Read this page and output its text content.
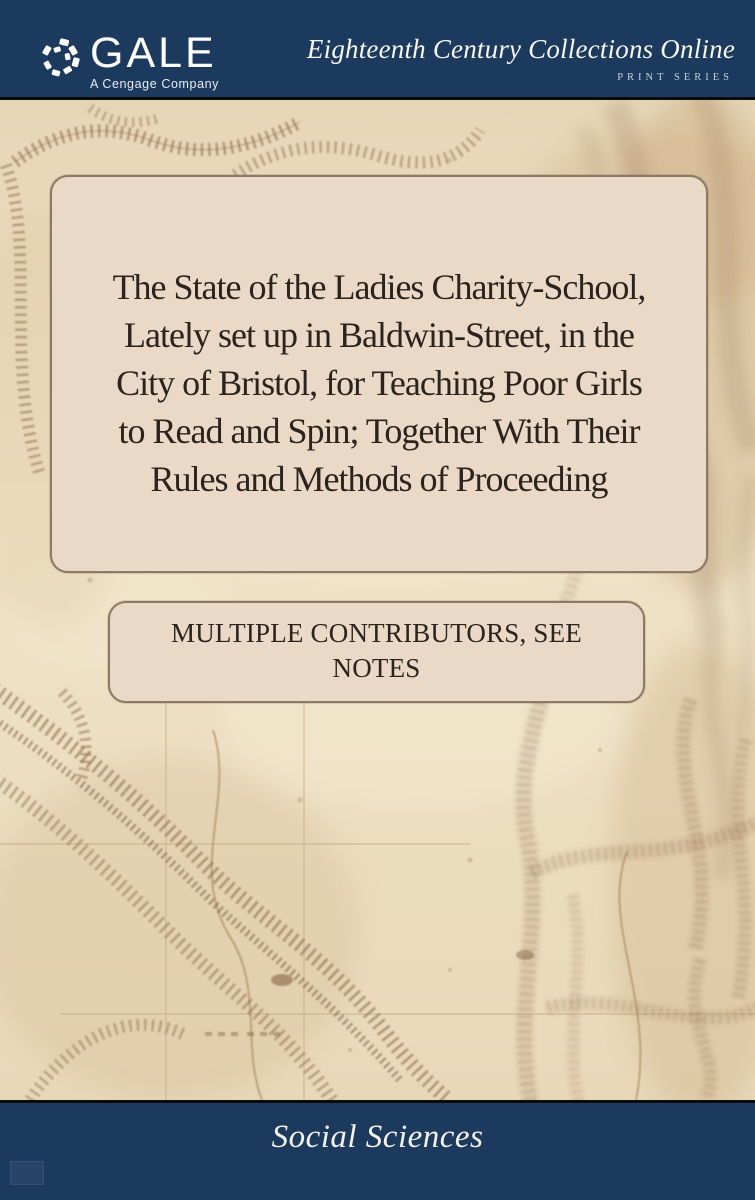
GALE
A Cengage Company
Eighteenth Century Collections Online
PRINT SERIES
The State of the Ladies Charity-School,
Lately set up in Baldwin-Street, in the
City of Bristol, for Teaching Poor Girls
to Read and Spin; Together With Their
Rules and Methods of Proceeding
MULTIPLE CONTRIBUTORS, SEE NOTES
Social Sciences
